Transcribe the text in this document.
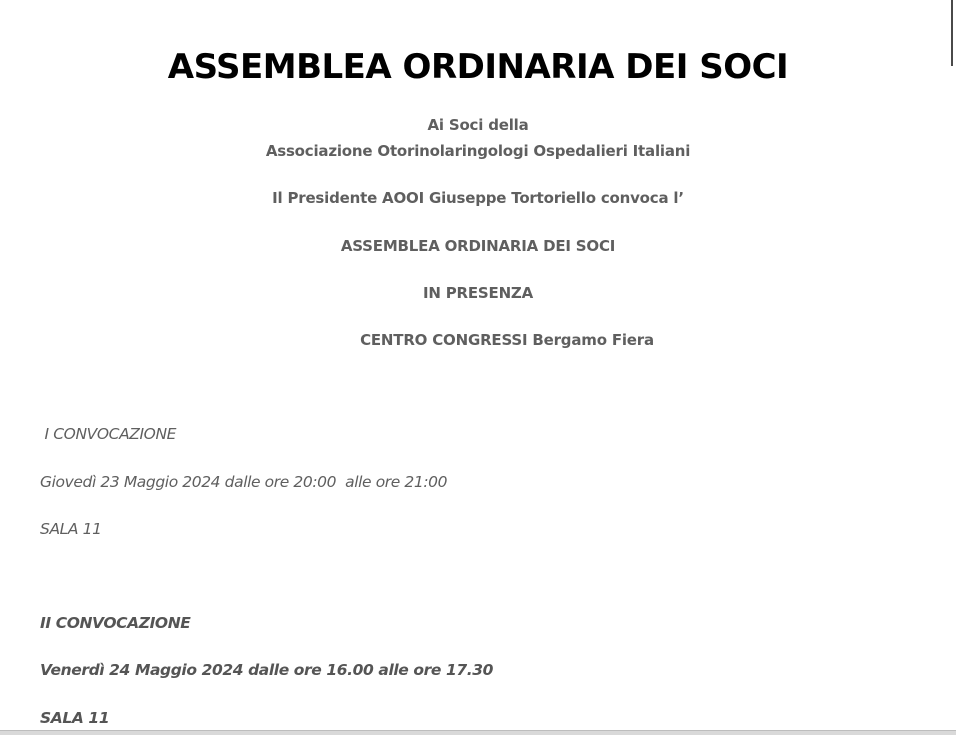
ASSEMBLEA ORDINARIA DEI SOCI
Ai Soci della
Associazione Otorinolaringologi Ospedalieri Italiani
Il Presidente AOOI Giuseppe Tortoriello convoca l’
ASSEMBLEA ORDINARIA DEI SOCI
IN PRESENZA
CENTRO CONGRESSI Bergamo Fiera
I CONVOCAZIONE
Giovedì 23 Maggio 2024 dalle ore 20:00  alle ore 21:00
SALA 11
II CONVOCAZIONE
Venerdì 24 Maggio 2024 dalle ore 16.00 alle ore 17.30
SALA 11
